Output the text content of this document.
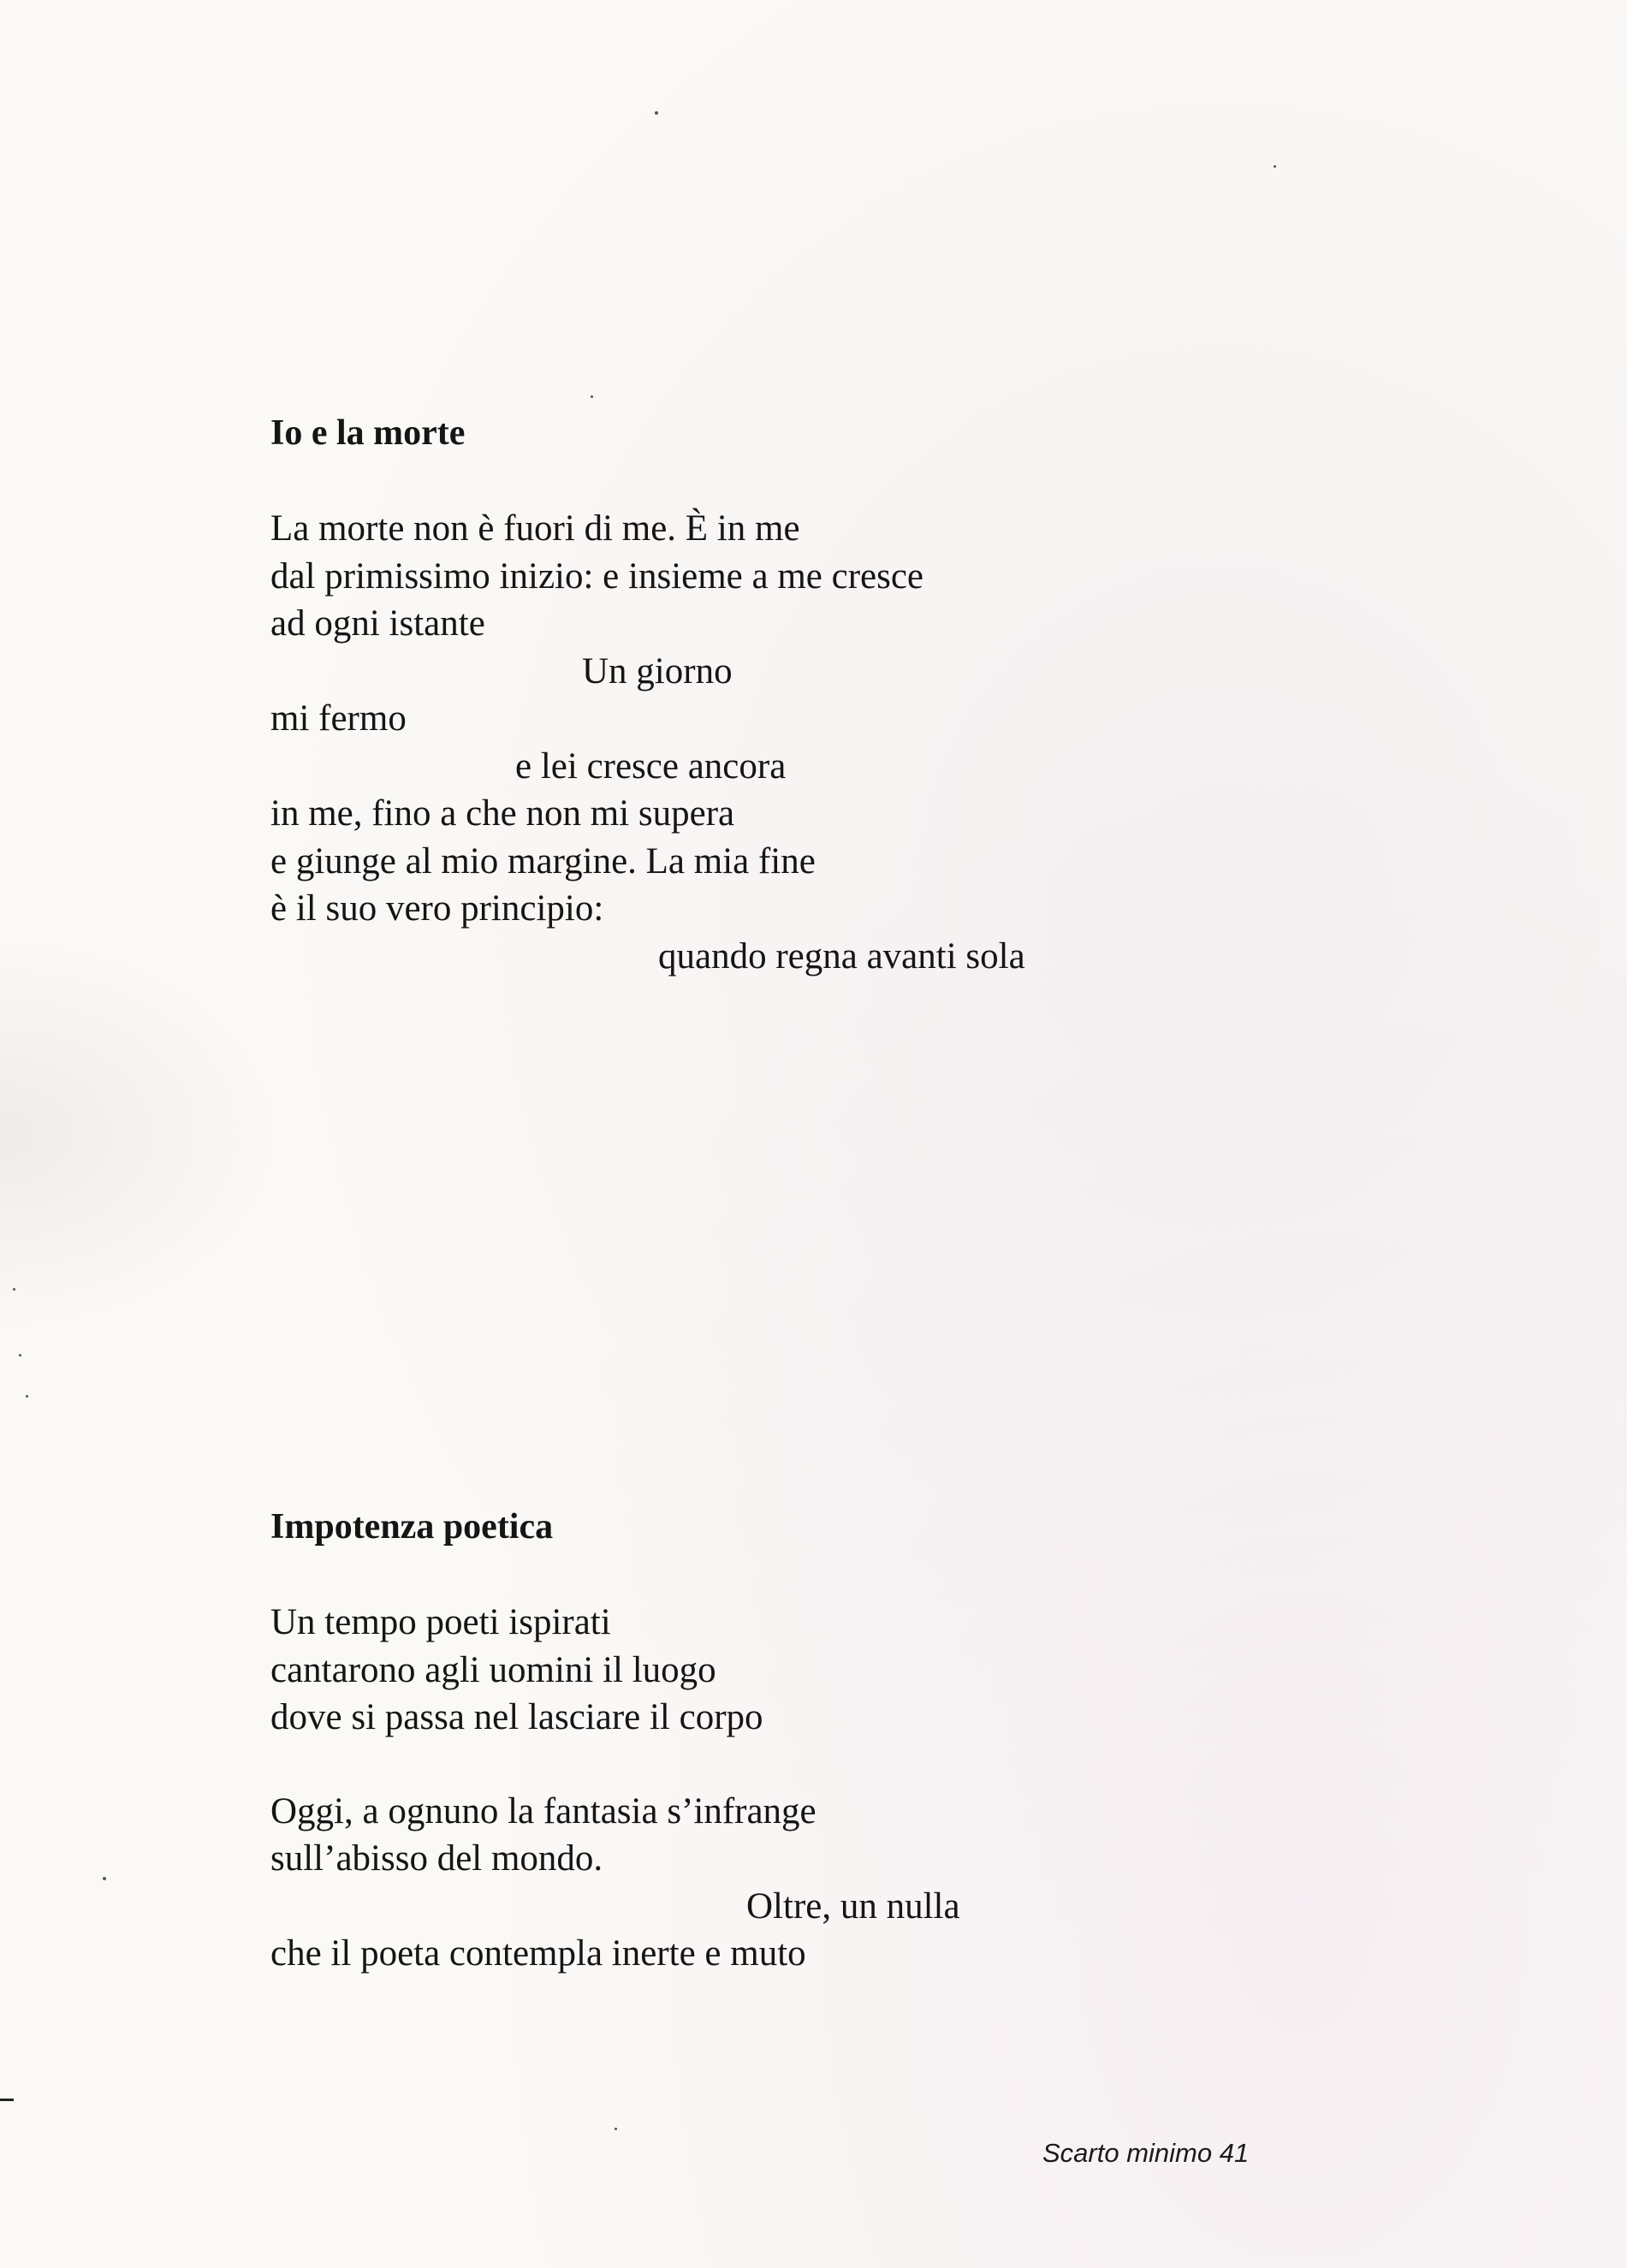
Io e la morte
La morte non è fuori di me. È in me
dal primissimo inizio: e insieme a me cresce
ad ogni istante
Un giorno
mi fermo
e lei cresce ancora
in me, fino a che non mi supera
e giunge al mio margine. La mia fine
è il suo vero principio:
quando regna avanti sola
Impotenza poetica
Un tempo poeti ispirati
cantarono agli uomini il luogo
dove si passa nel lasciare il corpo
Oggi, a ognuno la fantasia s’infrange
sull’abisso del mondo.
Oltre, un nulla
che il poeta contempla inerte e muto
Scarto minimo 41
